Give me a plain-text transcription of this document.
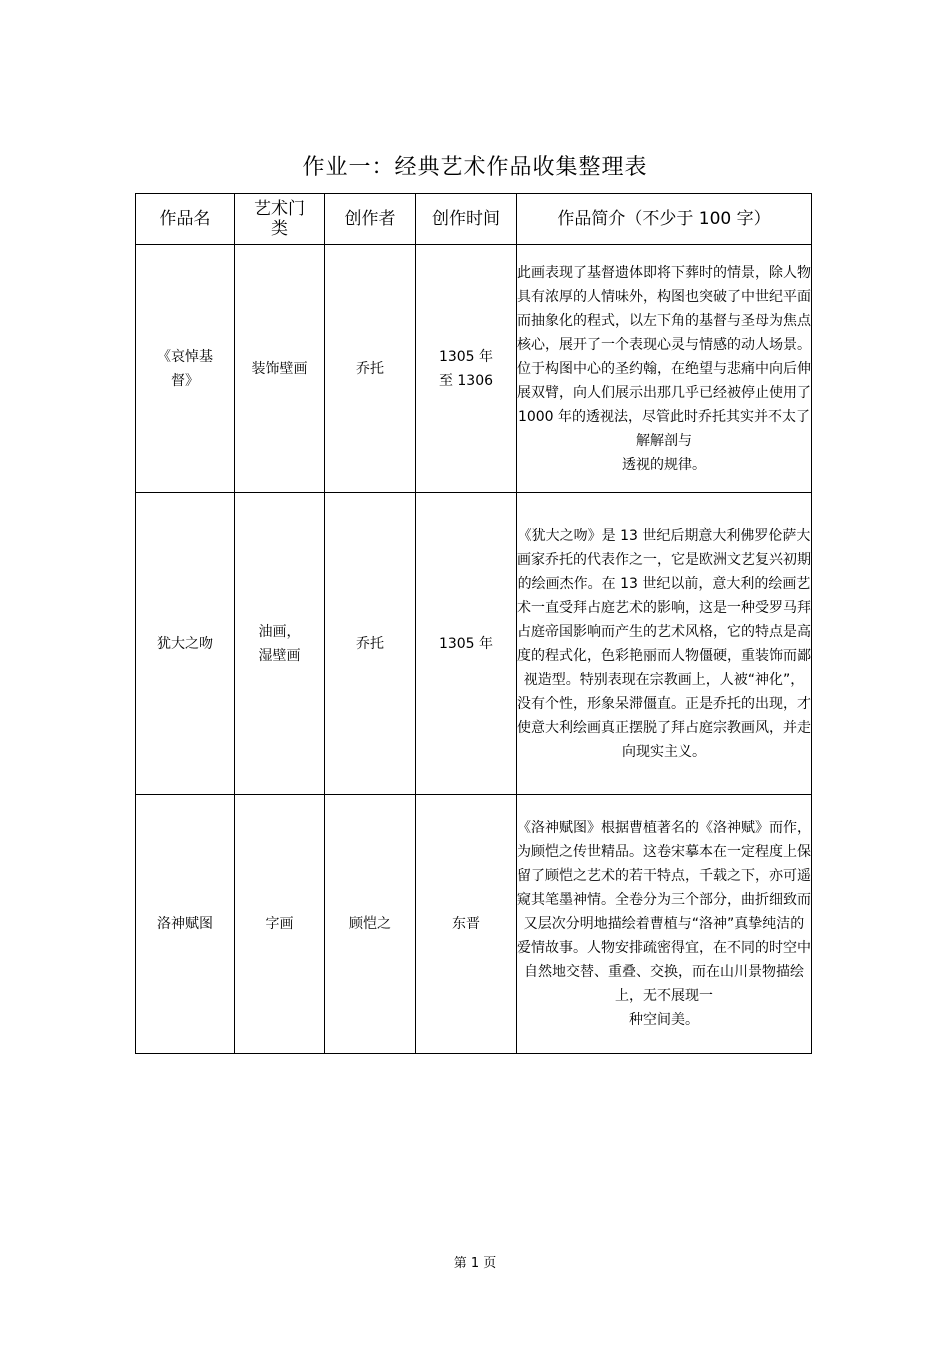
作业一：经典艺术作品收集整理表
作品名	艺术门类	创作者	创作时间	作品简介（不少于 100 字）
《哀悼基督》	装饰壁画	乔托	1305 年至 1306	此画表现了基督遗体即将下葬时的情景，除人物具有浓厚的人情味外，构图也突破了中世纪平面而抽象化的程式，以左下角的基督与圣母为焦点核心，展开了一个表现心灵与情感的动人场景。位于构图中心的圣约翰，在绝望与悲痛中向后伸展双臂，向人们展示出那几乎已经被停止使用了 1000 年的透视法，尽管此时乔托其实并不太了解解剖与
透视的规律。

犹大之吻	油画，湿壁画	乔托	1305 年	《犹大之吻》是 13 世纪后期意大利佛罗伦萨大画家乔托的代表作之一，它是欧洲文艺复兴初期的绘画杰作。在 13 世纪以前，意大利的绘画艺术一直受拜占庭艺术的影响，这是一种受罗马拜占庭帝国影响而产生的艺术风格，它的特点是高度的程式化，色彩艳丽而人物僵硬，重装饰而鄙视造型。特别表现在宗教画上，人被“神化”，没有个性，形象呆滞僵直。正是乔托的出现，才使意大利绘画真正摆脱了拜占庭宗教画风，并走向现实主义。

洛神赋图	字画	顾恺之	东晋	《洛神赋图》根据曹植著名的《洛神赋》而作，为顾恺之传世精品。这卷宋摹本在一定程度上保留了顾恺之艺术的若干特点，千载之下，亦可遥窥其笔墨神情。全卷分为三个部分，曲折细致而又层次分明地描绘着曹植与“洛神”真挚纯洁的爱情故事。人物安排疏密得宜，在不同的时空中自然地交替、重叠、交换，而在山川景物描绘上，无不展现一
种空间美。
第 1 页
